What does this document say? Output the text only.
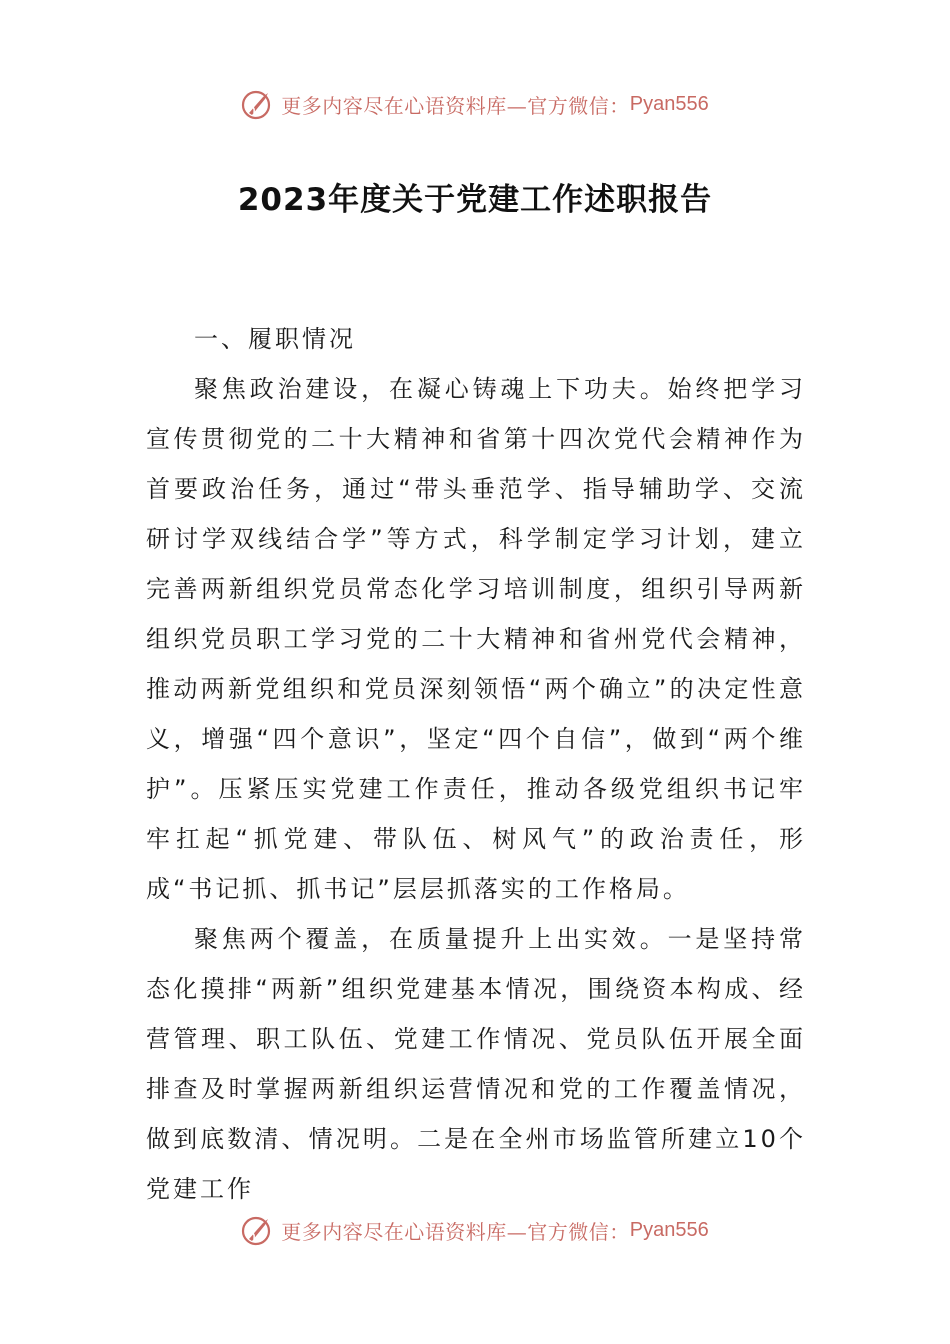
更多内容尽在心语资料库—官方微信： Pyan556
2023年度关于党建工作述职报告

一、履职情况

聚焦政治建设，在凝心铸魂上下功夫。始终把学习宣传贯彻党的二十大精神和省第十四次党代会精神作为首要政治任务，通过“带头垂范学、指导辅助学、交流研讨学双线结合学”等方式，科学制定学习计划，建立完善两新组织党员常态化学习培训制度，组织引导两新组织党员职工学习党的二十大精神和省州党代会精神，推动两新党组织和党员深刻领悟“两个确立”的决定性意义，增强“四个意识”，坚定“四个自信”，做到“两个维护”。压紧压实党建工作责任，推动各级党组织书记牢牢扛起“抓党建、带队伍、树风气”的政治责任，形成“书记抓、抓书记”层层抓落实的工作格局。

聚焦两个覆盖，在质量提升上出实效。一是坚持常态化摸排“两新”组织党建基本情况，围绕资本构成、经营管理、职工队伍、党建工作情况、党员队伍开展全面排查及时掌握两新组织运营情况和党的工作覆盖情况，做到底数清、情况明。二是在全州市场监管所建立10个党建工作

更多内容尽在心语资料库—官方微信： Pyan556
